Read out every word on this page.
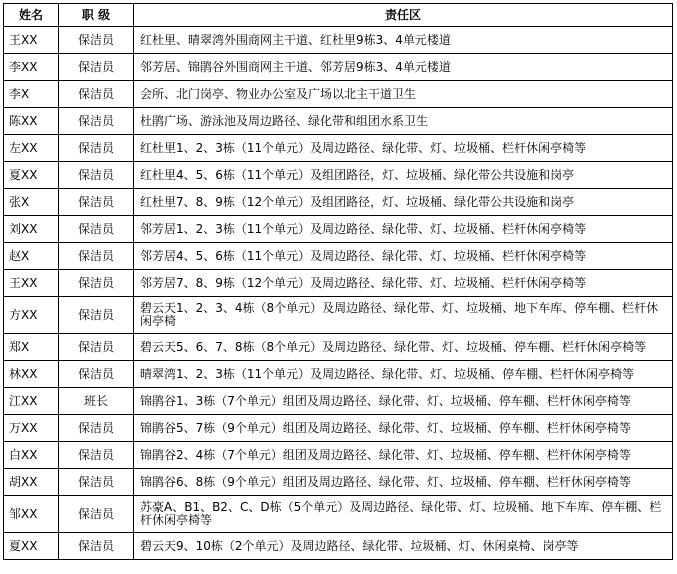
姓名	职 级	责任区
王XX	保洁员	红杜里、晴翠湾外围商网主干道、红杜里9栋3、4单元楼道
李XX	保洁员	邻芳居、锦鹃谷外围商网主干道、邻芳居9栋3、4单元楼道
李X	保洁员	会所、北门岗亭、物业办公室及广场以北主干道卫生
陈XX	保洁员	杜鹃广场、游泳池及周边路径、绿化带和组团水系卫生
左XX	保洁员	红杜里1、2、3栋（11个单元）及周边路径、绿化带、灯、垃圾桶、栏杆休闲亭椅等
夏XX	保洁员	红杜里4、5、6栋（11个单元）及组团路径，灯、垃圾桶、绿化带公共设施和岗亭
张X	保洁员	红杜里7、8、9栋（12个单元）及组团路径，灯、垃圾桶、绿化带公共设施和岗亭
刘XX	保洁员	邻芳居1、2、3栋（11个单元）及周边路径、绿化带、灯、垃圾桶、栏杆休闲亭椅等
赵X	保洁员	邻芳居4、5、6栋（11个单元）及周边路径、绿化带、灯、垃圾桶、栏杆休闲亭椅等
王XX	保洁员	邻芳居7、8、9栋（12个单元）及周边路径、绿化带、灯、垃圾桶、栏杆休闲亭椅等
方XX	保洁员	碧云天1、2、3、4栋（8个单元）及周边路径、绿化带、灯、垃圾桶、地下车库、停车棚、栏杆休闲亭椅
郑X	保洁员	碧云天5、6、7、8栋（8个单元）及周边路径、绿化带、灯、垃圾桶、停车棚、栏杆休闲亭椅等
林XX	保洁员	晴翠湾1、2、3栋（11个单元）及周边路径、绿化带、灯、垃圾桶、停车棚、栏杆休闲亭椅等
江XX	班长	锦鹃谷1、3栋（7个单元）组团及周边路径、绿化带、灯、垃圾桶、停车棚、栏杆休闲亭椅等
万XX	保洁员	锦鹃谷5、7栋（9个单元）组团及周边路径、绿化带、灯、垃圾桶、停车棚、栏杆休闲亭椅等
白XX	保洁员	锦鹃谷2、4栋（7个单元）组团及周边路径、绿化带、灯、垃圾桶、停车棚、栏杆休闲亭椅等
胡XX	保洁员	锦鹃谷6、8栋（9个单元）组团及周边路径、绿化带、灯、垃圾桶、停车棚、栏杆休闲亭椅等
邹XX	保洁员	苏豪A、B1、B2、C、D栋（5个单元）及周边路径、绿化带、灯、垃圾桶、地下车库、停车棚、栏杆休闲亭椅等
夏XX	保洁员	碧云天9、10栋（2个单元）及周边路径、绿化带、垃圾桶、灯、休闲桌椅、岗亭等
